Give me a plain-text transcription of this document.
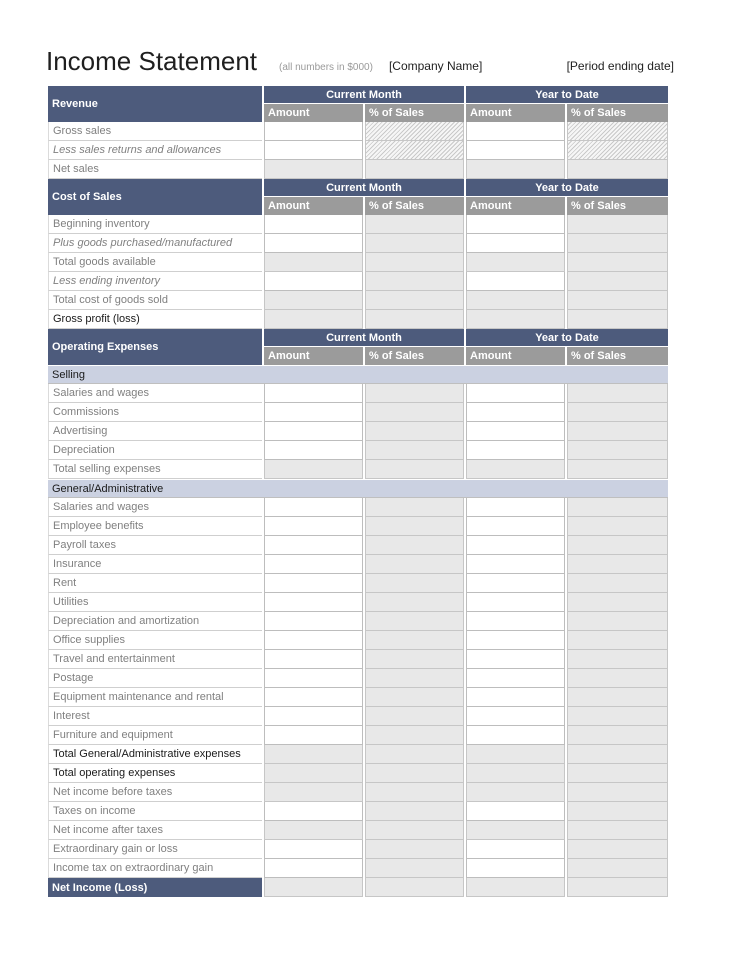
Income Statement (all numbers in $000) [Company Name]	[Period ending date]
Revenue	Current Month		Year to Date	
	Amount	% of Sales	Amount	% of Sales
Gross sales				
Less sales returns and allowances				
Net sales				
Cost of Sales	Current Month		Year to Date	
	Amount	% of Sales	Amount	% of Sales
Beginning inventory				
Plus goods purchased/manufactured				
Total goods available				
Less ending inventory				
Total cost of goods sold				
Gross profit (loss)				
Operating Expenses	Current Month		Year to Date	
	Amount	% of Sales	Amount	% of Sales
Selling				
Salaries and wages				
Commissions				
Advertising				
Depreciation				
Total selling expenses				
General/Administrative				
Salaries and wages				
Employee benefits				
Payroll taxes				
Insurance				
Rent				
Utilities				
Depreciation and amortization				
Office supplies				
Travel and entertainment				
Postage				
Equipment maintenance and rental				
Interest				
Furniture and equipment				
Total General/Administrative expenses				
Total operating expenses				
Net income before taxes				
Taxes on income				
Net income after taxes				
Extraordinary gain or loss				
Income tax on extraordinary gain				
Net Income (Loss)				
